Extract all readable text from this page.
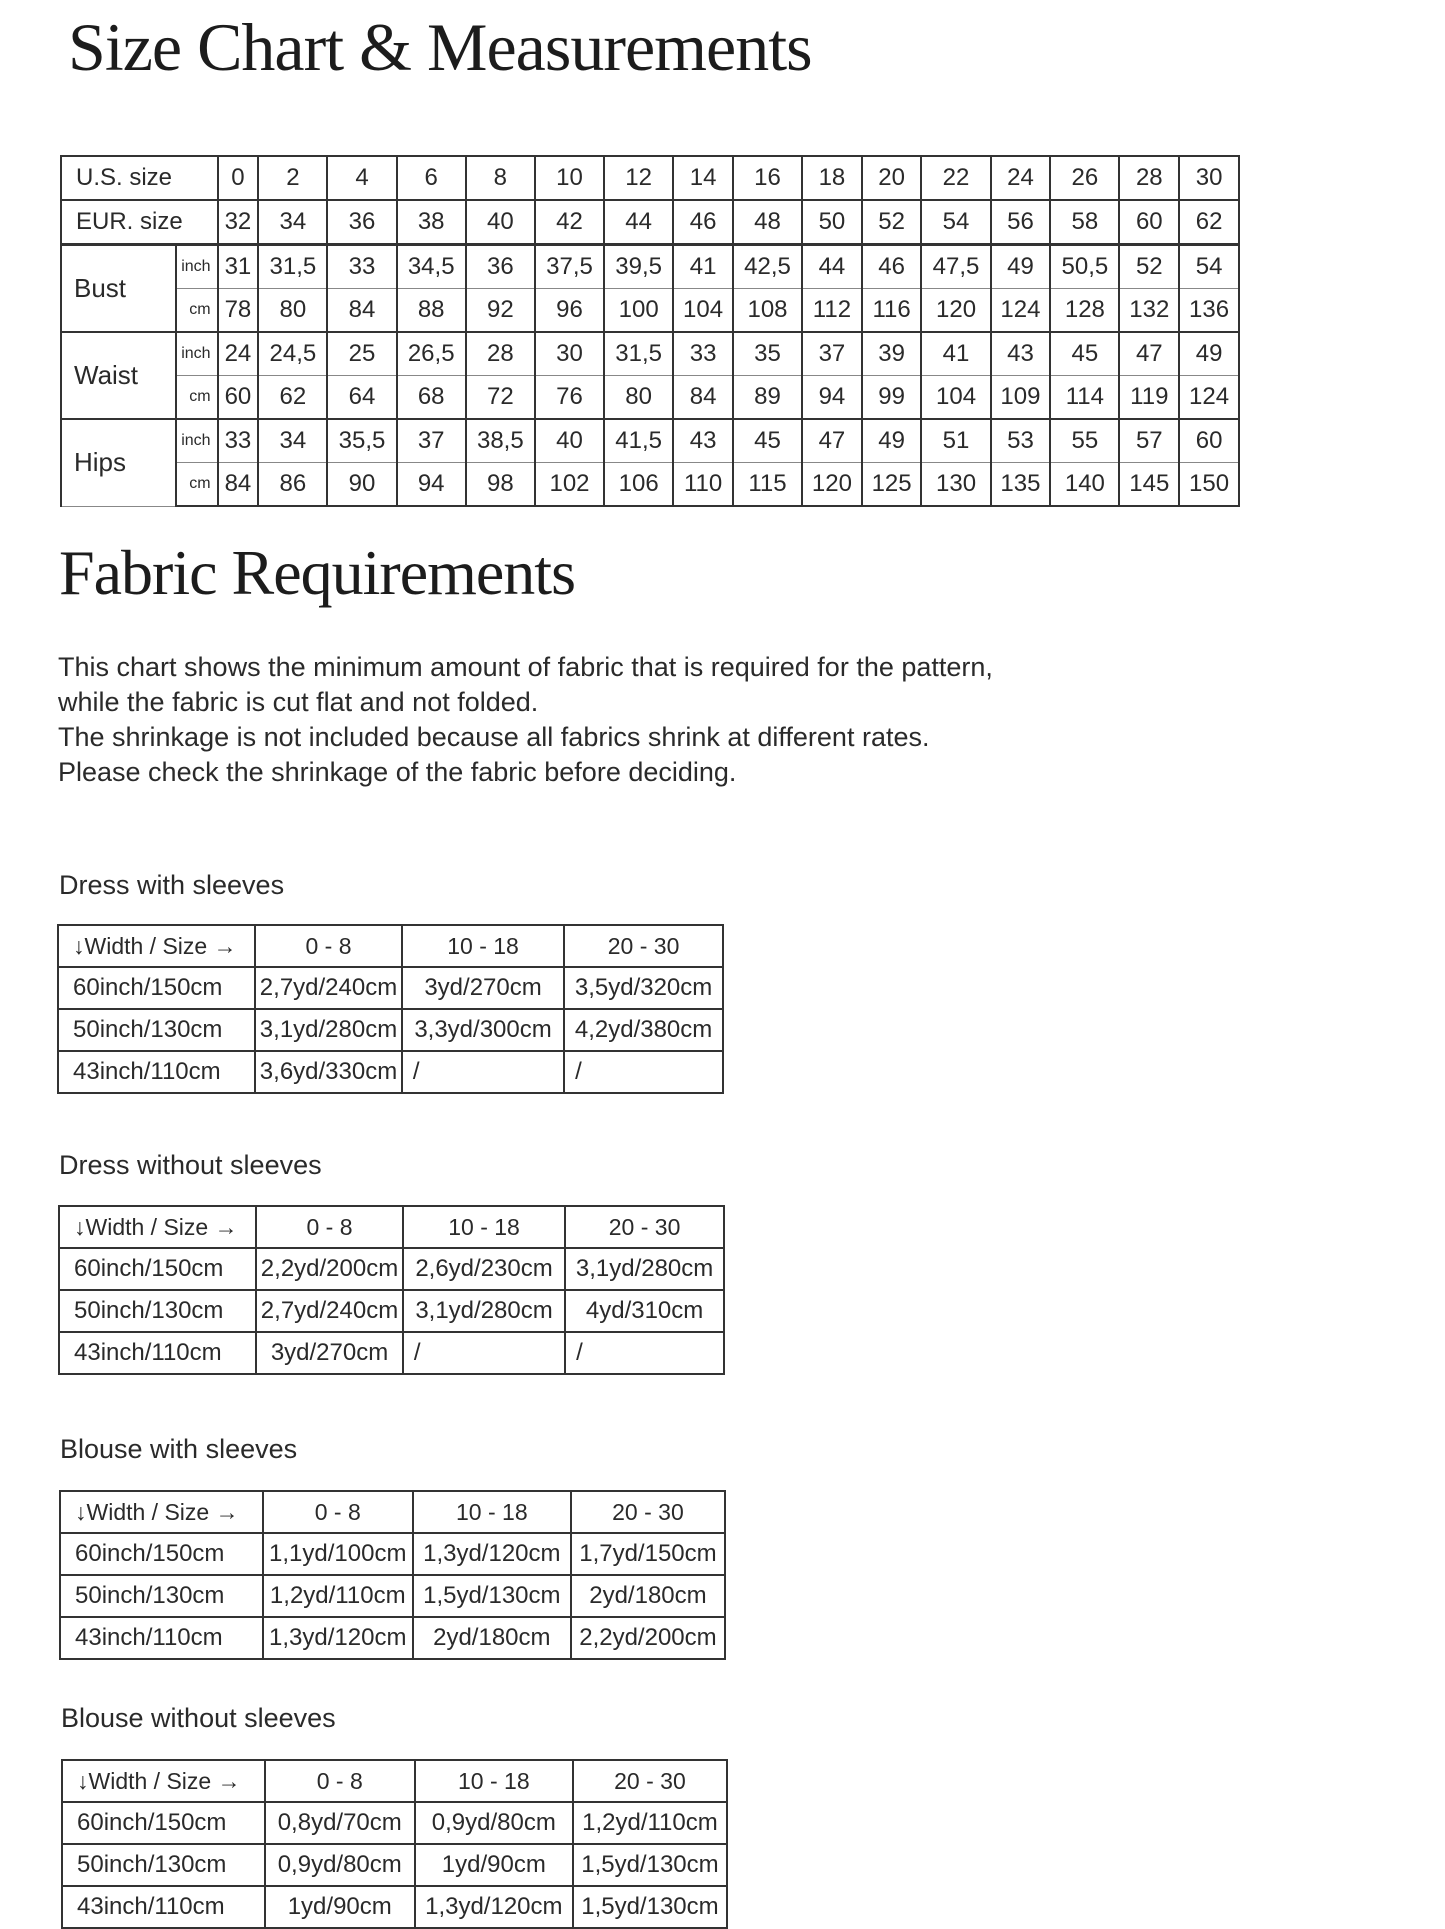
Size Chart & Measurements
U.S. size		0	2	4	6	8	10	12	14	16	18	20	22	24	26	28	30
EUR. size		32	34	36	38	40	42	44	46	48	50	52	54	56	58	60	62
Bust	inch	31	31,5	33	34,5	36	37,5	39,5	41	42,5	44	46	47,5	49	50,5	52	54
	cm	78	80	84	88	92	96	100	104	108	112	116	120	124	128	132	136
Waist	inch	24	24,5	25	26,5	28	30	31,5	33	35	37	39	41	43	45	47	49
	cm	60	62	64	68	72	76	80	84	89	94	99	104	109	114	119	124
Hips	inch	33	34	35,5	37	38,5	40	41,5	43	45	47	49	51	53	55	57	60
	cm	84	86	90	94	98	102	106	110	115	120	125	130	135	140	145	150
Fabric Requirements

This chart shows the minimum amount of fabric that is required for the pattern,

while the fabric is cut flat and not folded.

The shrinkage is not included because all fabrics shrink at different rates.

Please check the shrinkage of the fabric before deciding.

Dress with sleeves
↓Width / Size →	0 - 8	10 - 18	20 - 30
60inch/150cm	2,7yd/240cm	3yd/270cm	3,5yd/320cm
50inch/130cm	3,1yd/280cm	3,3yd/300cm	4,2yd/380cm
43inch/110cm	3,6yd/330cm	/	/
Dress without sleeves
↓Width / Size →	0 - 8	10 - 18	20 - 30
60inch/150cm	2,2yd/200cm	2,6yd/230cm	3,1yd/280cm
50inch/130cm	2,7yd/240cm	3,1yd/280cm	4yd/310cm
43inch/110cm	3yd/270cm	/	/
Blouse with sleeves
↓Width / Size →	0 - 8	10 - 18	20 - 30
60inch/150cm	1,1yd/100cm	1,3yd/120cm	1,7yd/150cm
50inch/130cm	1,2yd/110cm	1,5yd/130cm	2yd/180cm
43inch/110cm	1,3yd/120cm	2yd/180cm	2,2yd/200cm
Blouse without sleeves
↓Width / Size →	0 - 8	10 - 18	20 - 30
60inch/150cm	0,8yd/70cm	0,9yd/80cm	1,2yd/110cm
50inch/130cm	0,9yd/80cm	1yd/90cm	1,5yd/130cm
43inch/110cm	1yd/90cm	1,3yd/120cm	1,5yd/130cm
